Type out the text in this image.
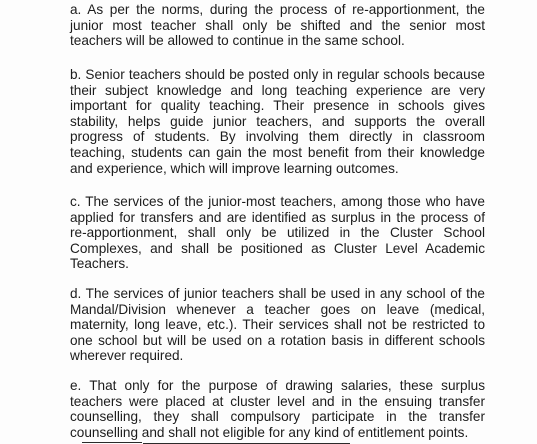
a. As per the norms, during the process of re-apportionment, the junior most teacher shall only be shifted and the senior most teachers will be allowed to continue in the same school.

b. Senior teachers should be posted only in regular schools because their subject knowledge and long teaching experience are very important for quality teaching. Their presence in schools gives stability, helps guide junior teachers, and supports the overall progress of students. By involving them directly in classroom teaching, students can gain the most benefit from their knowledge and experience, which will improve learning outcomes.

c. The services of the junior-most teachers, among those who have applied for transfers and are identified as surplus in the process of re-apportionment, shall only be utilized in the Cluster School Complexes, and shall be positioned as Cluster Level Academic Teachers.

d. The services of junior teachers shall be used in any school of the Mandal/Division whenever a teacher goes on leave (medical, maternity, long leave, etc.). Their services shall not be restricted to one school but will be used on a rotation basis in different schools wherever required.

e. That only for the purpose of drawing salaries, these surplus teachers were placed at cluster level and in the ensuing transfer counselling, they shall compulsory participate in the transfer counselling and shall not eligible for any kind of entitlement points.
